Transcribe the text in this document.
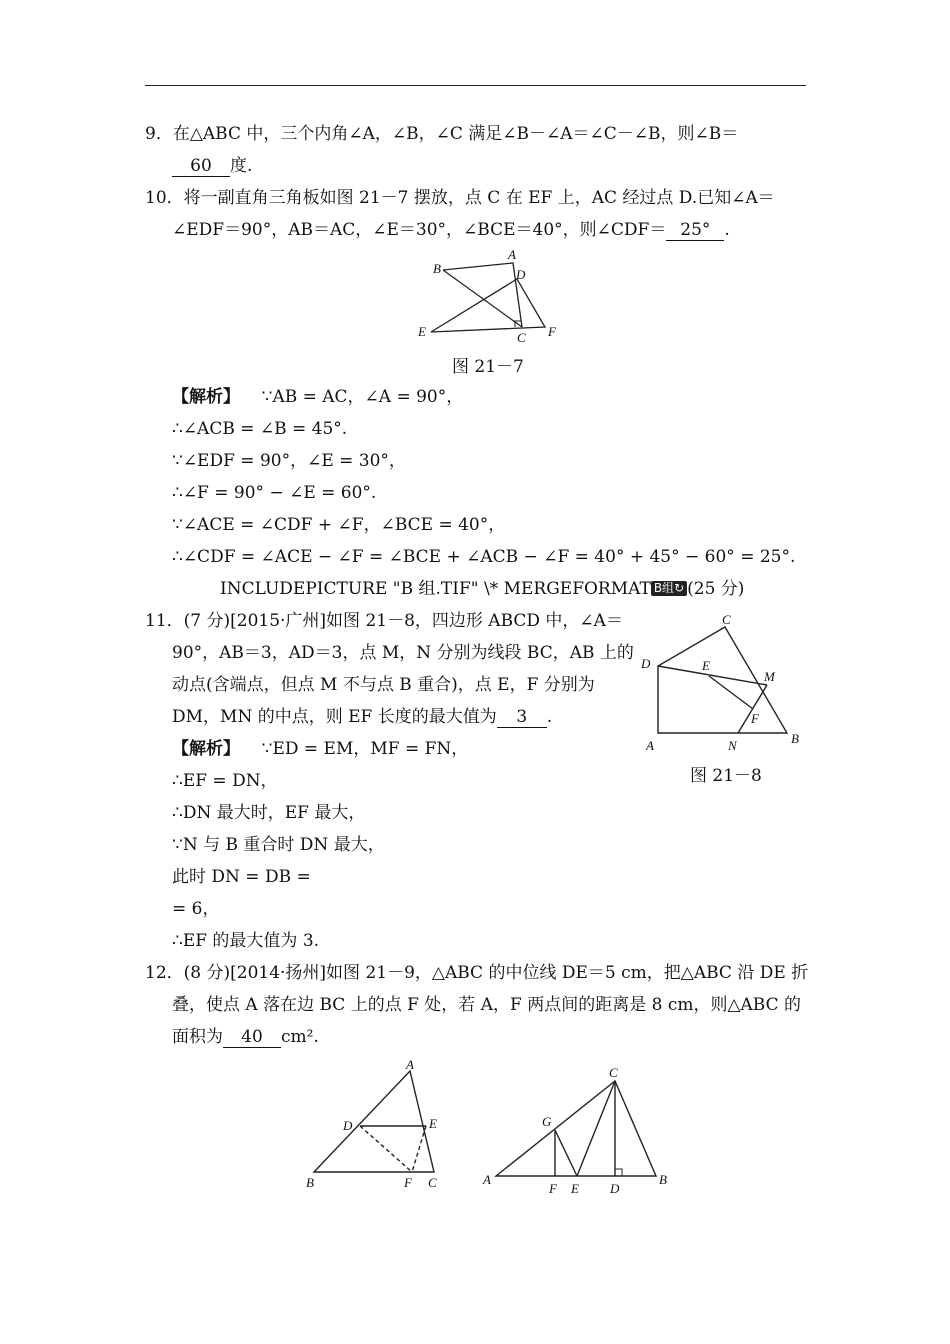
9．在△ABC 中，三个内角∠A，∠B，∠C 满足∠B－∠A＝∠C－∠B，则∠B＝
60 度.
10．将一副直角三角板如图 21－7 摆放，点 C 在 EF 上，AC 经过点 D.已知∠A＝
∠EDF＝90°，AB＝AC，∠E＝30°，∠BCE＝40°，则∠CDF＝ 25° .
B
A
D
E	C F
图 21－7
【解析】 ∵AB = AC，∠A = 90°，
∴∠ACB = ∠B = 45°.
∵∠EDF = 90°，∠E = 30°，
∴∠F = 90° − ∠E = 60°.
∵∠ACE = ∠CDF + ∠F，∠BCE = 40°，
∴∠CDF = ∠ACE − ∠F = ∠BCE + ∠ACB − ∠F = 40° + 45° − 60° = 25°.
INCLUDEPICTURE "B 组.TIF" \* MERGEFORMAT B组↻ (25 分)
11．(7 分)[2015·广州]如图 21－8，四边形 ABCD 中，∠A＝
90°，AB＝3，AD＝3，点 M，N 分别为线段 BC，AB 上的
动点(含端点，但点 M 不与点 B 重合)，点 E，F 分别为
DM，MN 的中点，则 EF 长度的最大值为 3 .
【解析】 ∵ED = EM，MF = FN，
∴EF = DN，
∴DN 最大时，EF 最大，
∵N 与 B 重合时 DN 最大，
此时 DN = DB =
= 6，
∴EF 的最大值为 3.
C
D	E
M
F
A	N	B
图 21－8
12．(8 分)[2014·扬州]如图 21－9，△ABC 的中位线 DE＝5 cm，把△ABC 沿 DE 折
叠，使点 A 落在边 BC 上的点 F 处，若 A，F 两点间的距离是 8 cm，则△ABC 的
面积为 40 cm².
A
D	E
B	F C
C
G
A
F E D
B
